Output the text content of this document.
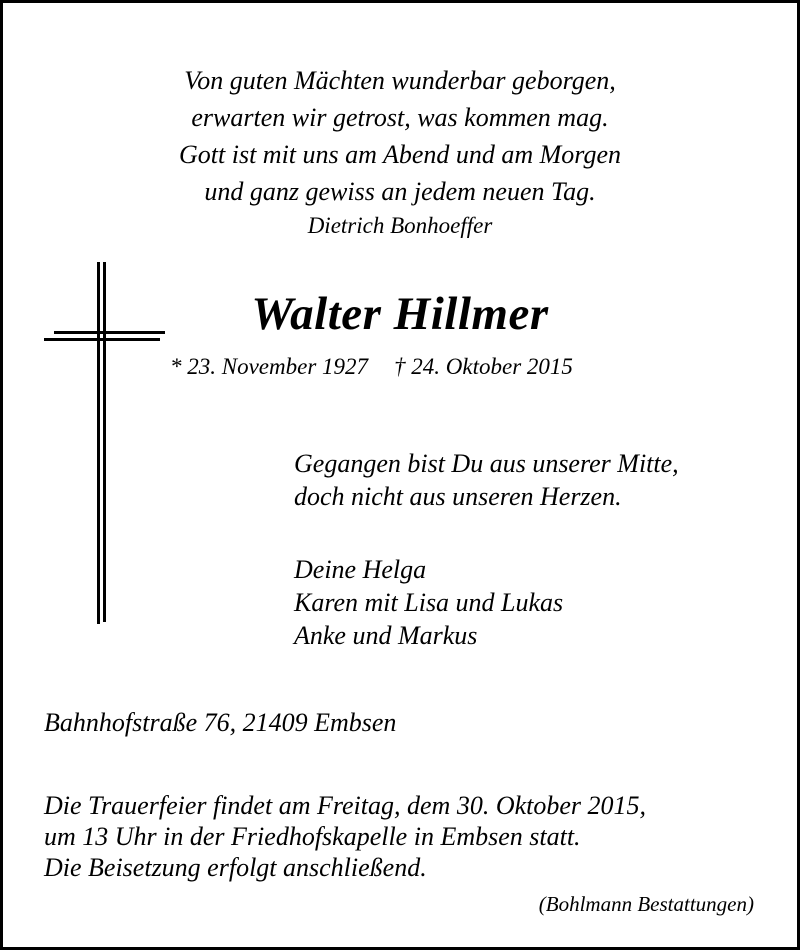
Von guten Mächten wunderbar geborgen,
erwarten wir getrost, was kommen mag.
Gott ist mit uns am Abend und am Morgen
und ganz gewiss an jedem neuen Tag.
Dietrich Bonhoeffer
Walter Hillmer
* 23. November 1927 † 24. Oktober 2015
Gegangen bist Du aus unserer Mitte,
doch nicht aus unseren Herzen.
Deine Helga
Karen mit Lisa und Lukas
Anke und Markus
Bahnhofstraße 76, 21409 Embsen
Die Trauerfeier findet am Freitag, dem 30. Oktober 2015,
um 13 Uhr in der Friedhofskapelle in Embsen statt.
Die Beisetzung erfolgt anschließend.
(Bohlmann Bestattungen)
